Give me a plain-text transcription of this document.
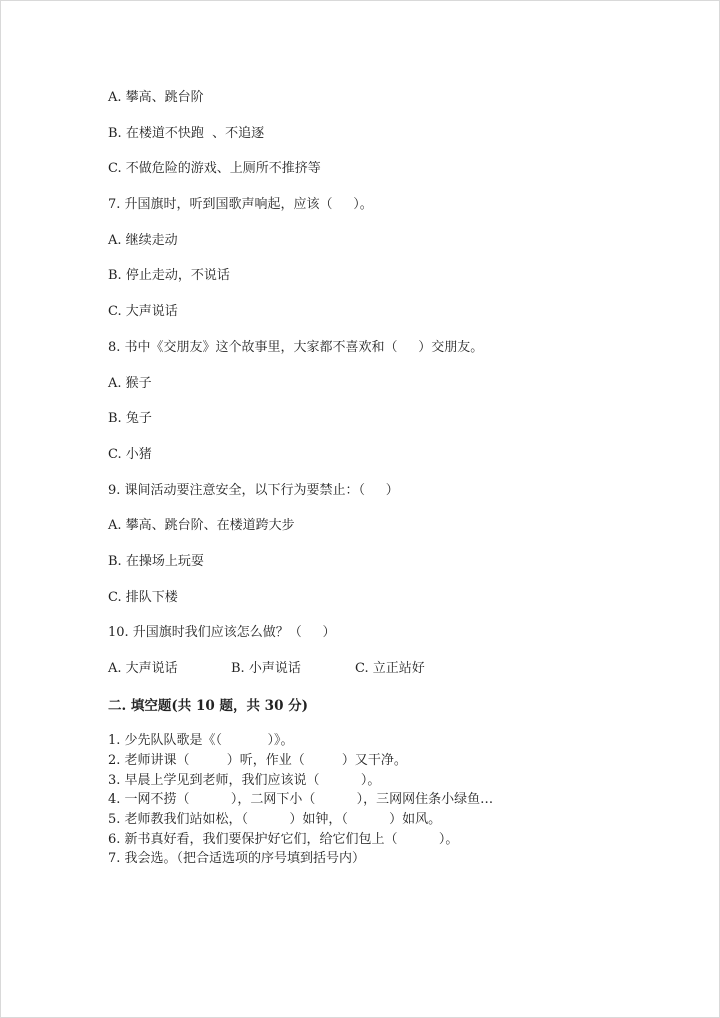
A. 攀高、跳台阶
B. 在楼道不快跑  、不追逐
C. 不做危险的游戏、上厕所不推挤等
7. 升国旗时，听到国歌声响起，应该（     ）。
A. 继续走动
B. 停止走动，不说话
C. 大声说话
8. 书中《交朋友》这个故事里，大家都不喜欢和（     ）交朋友。
A. 猴子
B. 兔子
C. 小猪
9. 课间活动要注意安全，以下行为要禁止：（     ）
A. 攀高、跳台阶、在楼道跨大步
B. 在操场上玩耍
C. 排队下楼
10. 升国旗时我们应该怎么做？（     ）
A. 大声说话	B. 小声说话	C. 立正站好
二. 填空题(共 10 题，共 30 分)
1. 少先队队歌是《（           ）》。
2. 老师讲课（         ）听，作业（         ）又干净。
3. 早晨上学见到老师，我们应该说（          ）。
4. 一网不捞（          ），二网下小（          ），三网网住条小绿鱼…
5. 老师教我们站如松，（          ）如钟，（          ）如风。
6. 新书真好看，我们要保护好它们，给它们包上（          ）。
7. 我会选。（把合适选项的序号填到括号内）
